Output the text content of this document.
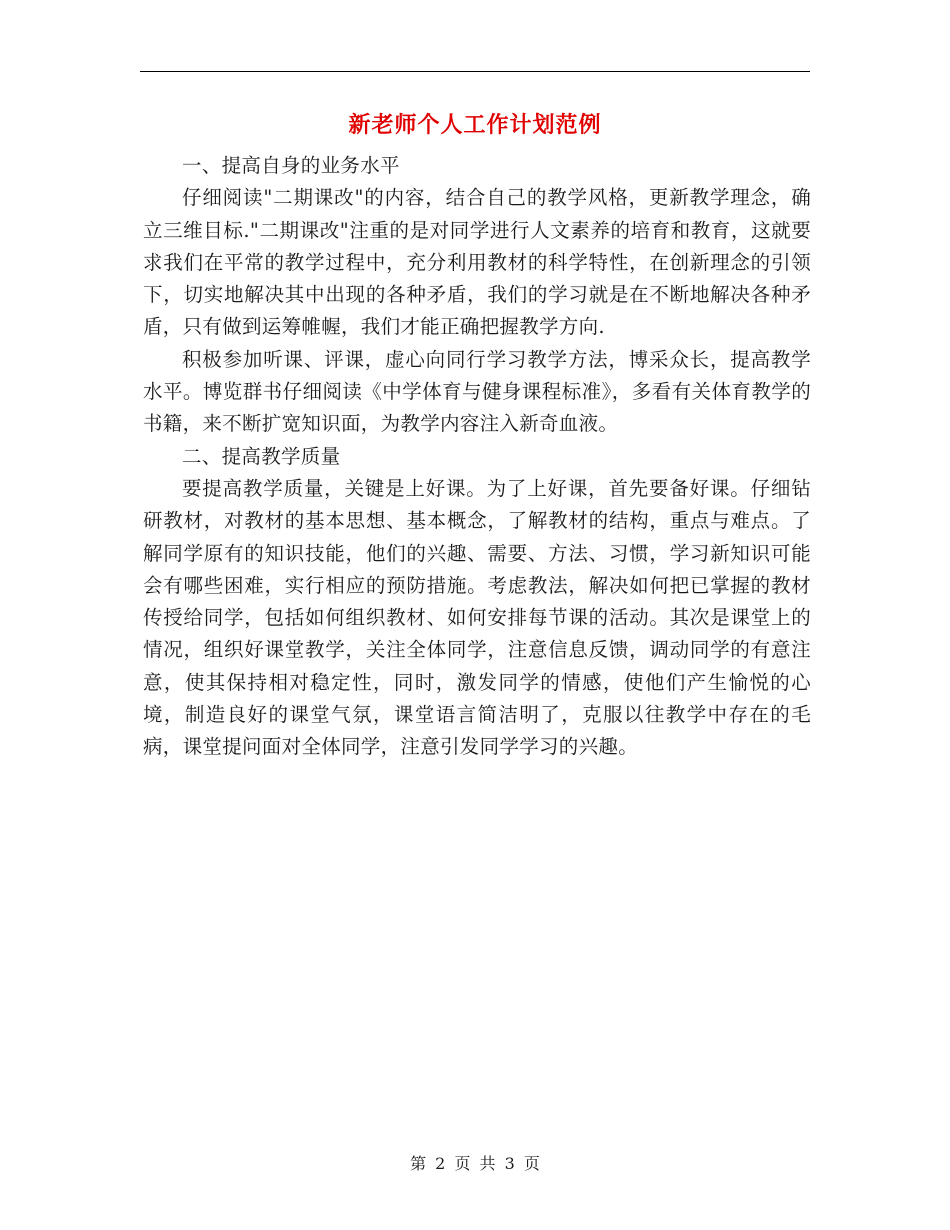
新老师个人工作计划范例

一、提高自身的业务水平

仔细阅读"二期课改"的内容，结合自己的教学风格，更新教学理念，确立三维目标."二期课改"注重的是对同学进行人文素养的培育和教育，这就要求我们在平常的教学过程中，充分利用教材的科学特性，在创新理念的引领下，切实地解决其中出现的各种矛盾，我们的学习就是在不断地解决各种矛盾，只有做到运筹帷幄，我们才能正确把握教学方向.

积极参加听课、评课，虚心向同行学习教学方法，博采众长，提高教学水平。博览群书仔细阅读《中学体育与健身课程标准》，多看有关体育教学的书籍，来不断扩宽知识面，为教学内容注入新奇血液。

二、提高教学质量

要提高教学质量，关键是上好课。为了上好课，首先要备好课。仔细钻研教材，对教材的基本思想、基本概念，了解教材的结构，重点与难点。了解同学原有的知识技能，他们的兴趣、需要、方法、习惯，学习新知识可能会有哪些困难，实行相应的预防措施。考虑教法，解决如何把已掌握的教材传授给同学，包括如何组织教材、如何安排每节课的活动。其次是课堂上的情况，组织好课堂教学，关注全体同学，注意信息反馈，调动同学的有意注意，使其保持相对稳定性，同时，激发同学的情感，使他们产生愉悦的心境，制造良好的课堂气氛，课堂语言简洁明了，克服以往教学中存在的毛病，课堂提问面对全体同学，注意引发同学学习的兴趣。

第 2 页 共 3 页
